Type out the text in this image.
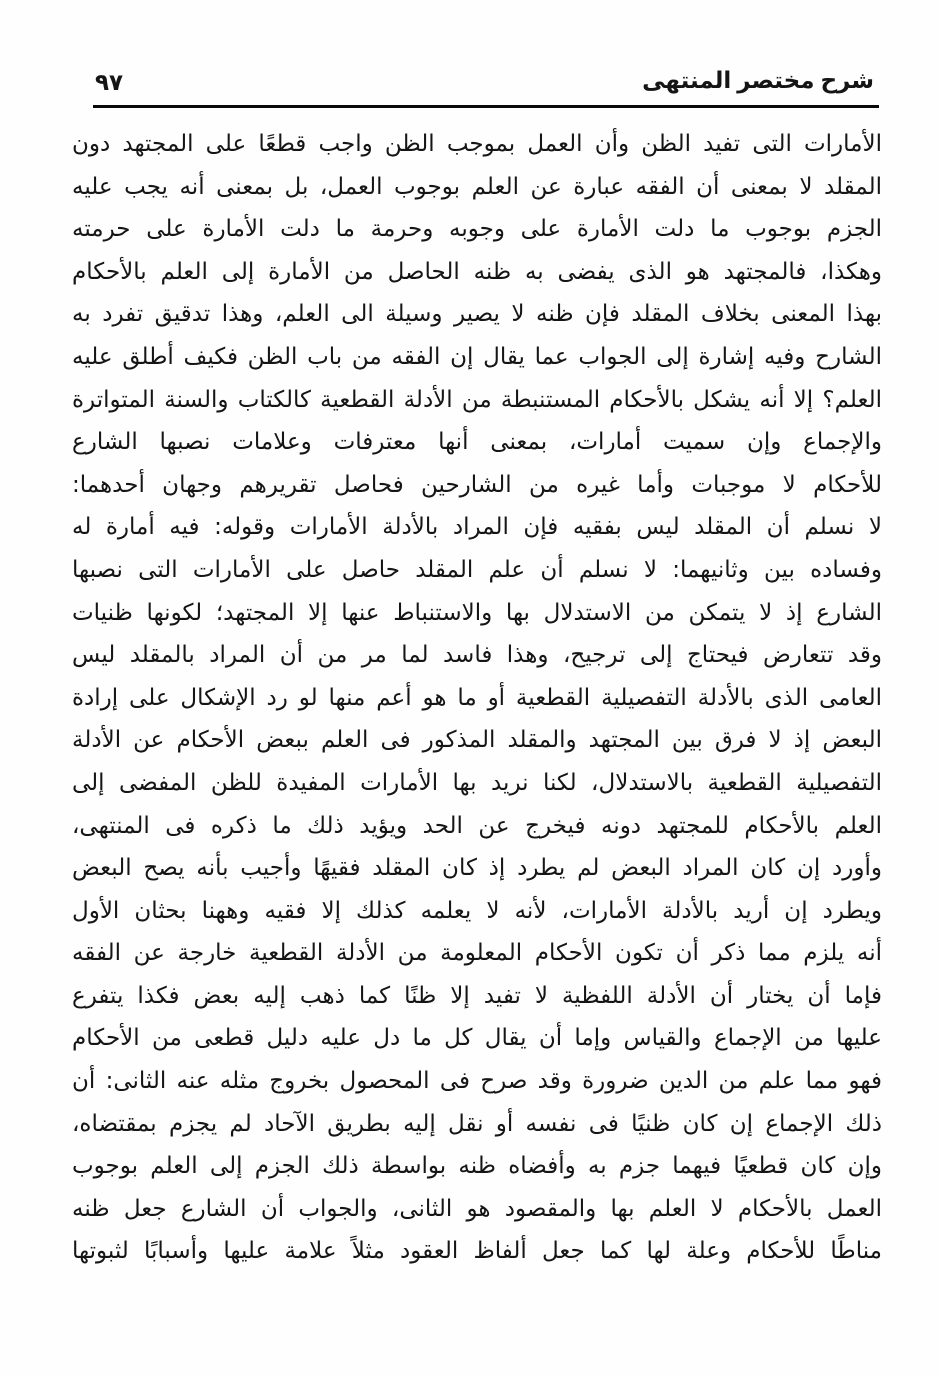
٩٧	شرح مختصر المنتهى
الأمارات التى تفيد الظن وأن العمل بموجب الظن واجب قطعًا على المجتهد دون
المقلد لا بمعنى أن الفقه عبارة عن العلم بوجوب العمل، بل بمعنى أنه يجب عليه
الجزم بوجوب ما دلت الأمارة على وجوبه وحرمة ما دلت الأمارة على حرمته
وهكذا، فالمجتهد هو الذى يفضى به ظنه الحاصل من الأمارة إلى العلم بالأحكام
بهذا المعنى بخلاف المقلد فإن ظنه لا يصير وسيلة الى العلم، وهذا تدقيق تفرد به
الشارح وفيه إشارة إلى الجواب عما يقال إن الفقه من باب الظن فكيف أطلق عليه
العلم؟ إلا أنه يشكل بالأحكام المستنبطة من الأدلة القطعية كالكتاب والسنة المتواترة
والإجماع وإن سميت أمارات، بمعنى أنها معترفات وعلامات نصبها الشارع
للأحكام لا موجبات وأما غيره من الشارحين فحاصل تقريرهم وجهان أحدهما:
لا نسلم أن المقلد ليس بفقيه فإن المراد بالأدلة الأمارات وقوله: فيه أمارة له
وفساده بين وثانيهما: لا نسلم أن علم المقلد حاصل على الأمارات التى نصبها
الشارع إذ لا يتمكن من الاستدلال بها والاستنباط عنها إلا المجتهد؛ لكونها ظنيات
وقد تتعارض فيحتاج إلى ترجيح، وهذا فاسد لما مر من أن المراد بالمقلد ليس
العامى الذى بالأدلة التفصيلية القطعية أو ما هو أعم منها لو رد الإشكال على إرادة
البعض إذ لا فرق بين المجتهد والمقلد المذكور فى العلم ببعض الأحكام عن الأدلة
التفصيلية القطعية بالاستدلال، لكنا نريد بها الأمارات المفيدة للظن المفضى إلى
العلم بالأحكام للمجتهد دونه فيخرج عن الحد ويؤيد ذلك ما ذكره فى المنتهى،
وأورد إن كان المراد البعض لم يطرد إذ كان المقلد فقيهًا وأجيب بأنه يصح البعض
ويطرد إن أريد بالأدلة الأمارات، لأنه لا يعلمه كذلك إلا فقيه وههنا بحثان الأول
أنه يلزم مما ذكر أن تكون الأحكام المعلومة من الأدلة القطعية خارجة عن الفقه
فإما أن يختار أن الأدلة اللفظية لا تفيد إلا ظنًا كما ذهب إليه بعض فكذا يتفرع
عليها من الإجماع والقياس وإما أن يقال كل ما دل عليه دليل قطعى من الأحكام
فهو مما علم من الدين ضرورة وقد صرح فى المحصول بخروج مثله عنه الثانى: أن
ذلك الإجماع إن كان ظنيًا فى نفسه أو نقل إليه بطريق الآحاد لم يجزم بمقتضاه،
وإن كان قطعيًا فيهما جزم به وأفضاه ظنه بواسطة ذلك الجزم إلى العلم بوجوب
العمل بالأحكام لا العلم بها والمقصود هو الثانى، والجواب أن الشارع جعل ظنه
مناطًا للأحكام وعلة لها كما جعل ألفاظ العقود مثلاً علامة عليها وأسبابًا لثبوتها
